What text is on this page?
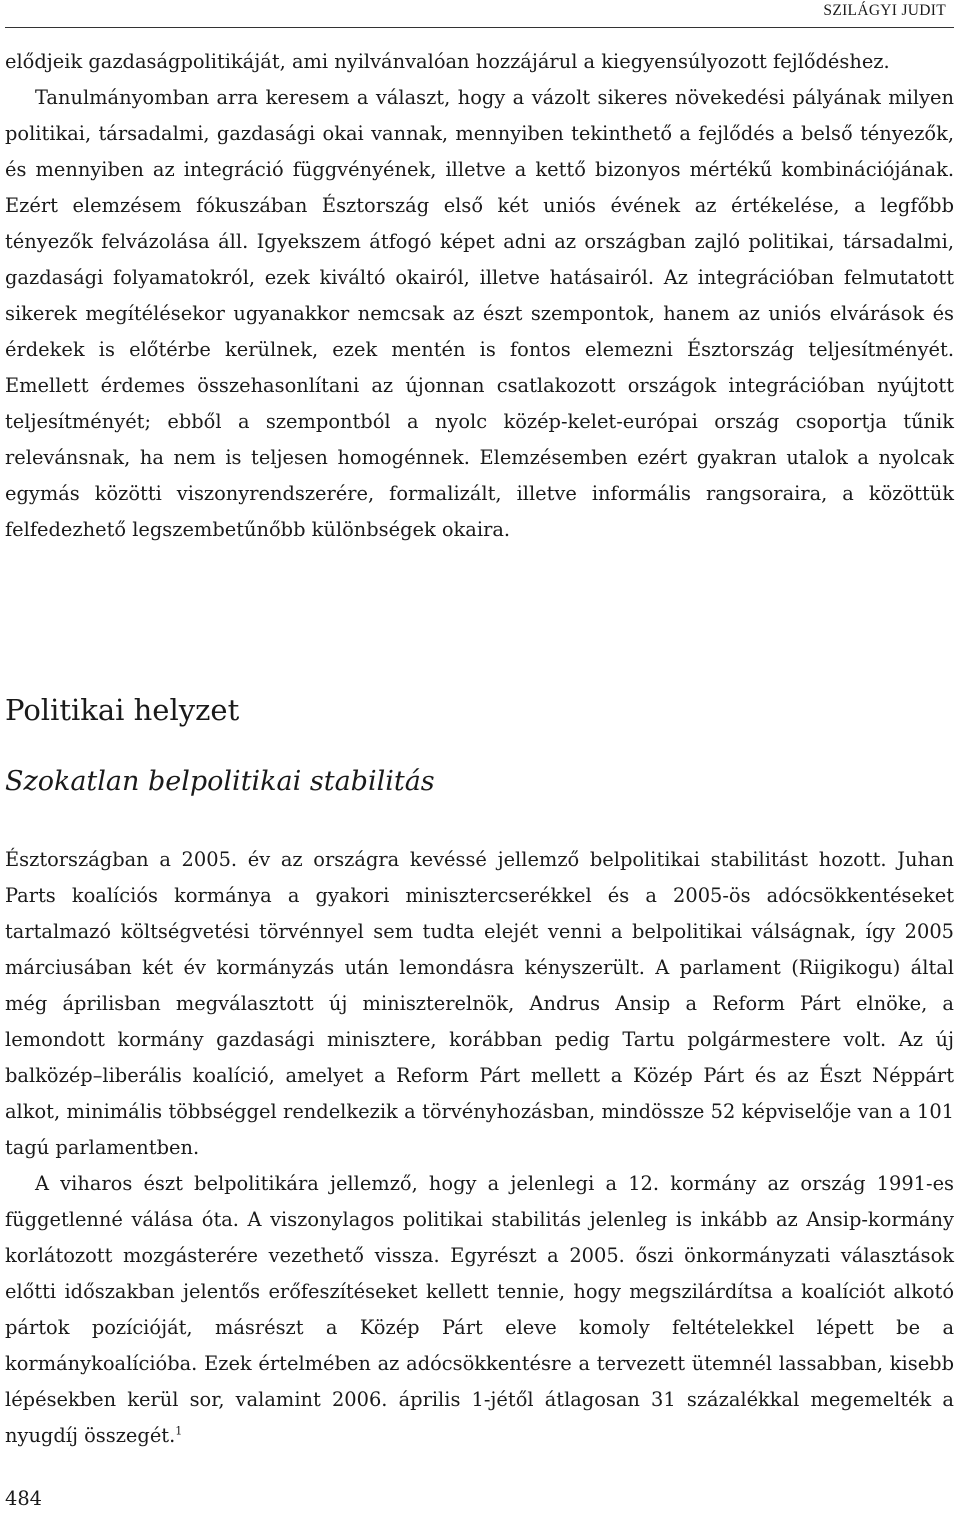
SZILÁGYI JUDIT

elődjeik gazdaságpolitikáját, ami nyilvánvalóan hozzájárul a kiegyensúlyozott fejlődéshez.

Tanulmányomban arra keresem a választ, hogy a vázolt sikeres növekedési pályának milyen politikai, társadalmi, gazdasági okai vannak, mennyiben tekinthető a fejlődés a belső tényezők, és mennyiben az integráció függvényének, illetve a kettő bizonyos mértékű kombinációjának. Ezért elemzésem fókuszában Észtország első két uniós évének az értékelése, a legfőbb tényezők felvázolása áll. Igyekszem átfogó képet adni az országban zajló politikai, társadalmi, gazdasági folyamatokról, ezek kiváltó okairól, illetve hatásairól. Az integrációban felmutatott sikerek megítélésekor ugyanakkor nemcsak az észt szempontok, hanem az uniós elvárások és érdekek is előtérbe kerülnek, ezek mentén is fontos elemezni Észtország teljesítményét. Emellett érdemes összehasonlítani az újonnan csatlakozott országok integrációban nyújtott teljesítményét; ebből a szempontból a nyolc közép-kelet-európai ország csoportja tűnik relevánsnak, ha nem is teljesen homogénnek. Elemzésemben ezért gyakran utalok a nyolcak egymás közötti viszonyrendszerére, formalizált, illetve informális rangsoraira, a közöttük felfedezhető legszembetűnőbb különbségek okaira.

Politikai helyzet
Szokatlan belpolitikai stabilitás

Észtországban a 2005. év az országra kevéssé jellemző belpolitikai stabilitást hozott. Juhan Parts koalíciós kormánya a gyakori minisztercserékkel és a 2005-ös adócsökkentéseket tartalmazó költségvetési törvénnyel sem tudta elejét venni a belpolitikai válságnak, így 2005 márciusában két év kormányzás után lemondásra kényszerült. A parlament (Riigikogu) által még áprilisban megválasztott új miniszterelnök, Andrus Ansip a Reform Párt elnöke, a lemondott kormány gazdasági minisztere, korábban pedig Tartu polgármestere volt. Az új balközép–liberális koalíció, amelyet a Reform Párt mellett a Közép Párt és az Észt Néppárt alkot, minimális többséggel rendelkezik a törvényhozásban, mindössze 52 képviselője van a 101 tagú parlamentben.

A viharos észt belpolitikára jellemző, hogy a jelenlegi a 12. kormány az ország 1991-es függetlenné válása óta. A viszonylagos politikai stabilitás jelenleg is inkább az Ansip-kormány korlátozott mozgásterére vezethető vissza. Egyrészt a 2005. őszi önkormányzati választások előtti időszakban jelentős erőfeszítéseket kellett tennie, hogy megszilárdítsa a koalíciót alkotó pártok pozícióját, másrészt a Közép Párt eleve komoly feltételekkel lépett be a kormánykoalícióba. Ezek értelmében az adócsökkentésre a tervezett ütemnél lassabban, kisebb lépésekben kerül sor, valamint 2006. április 1-jétől átlagosan 31 százalékkal megemelték a nyugdíj összegét.$^1$

484
